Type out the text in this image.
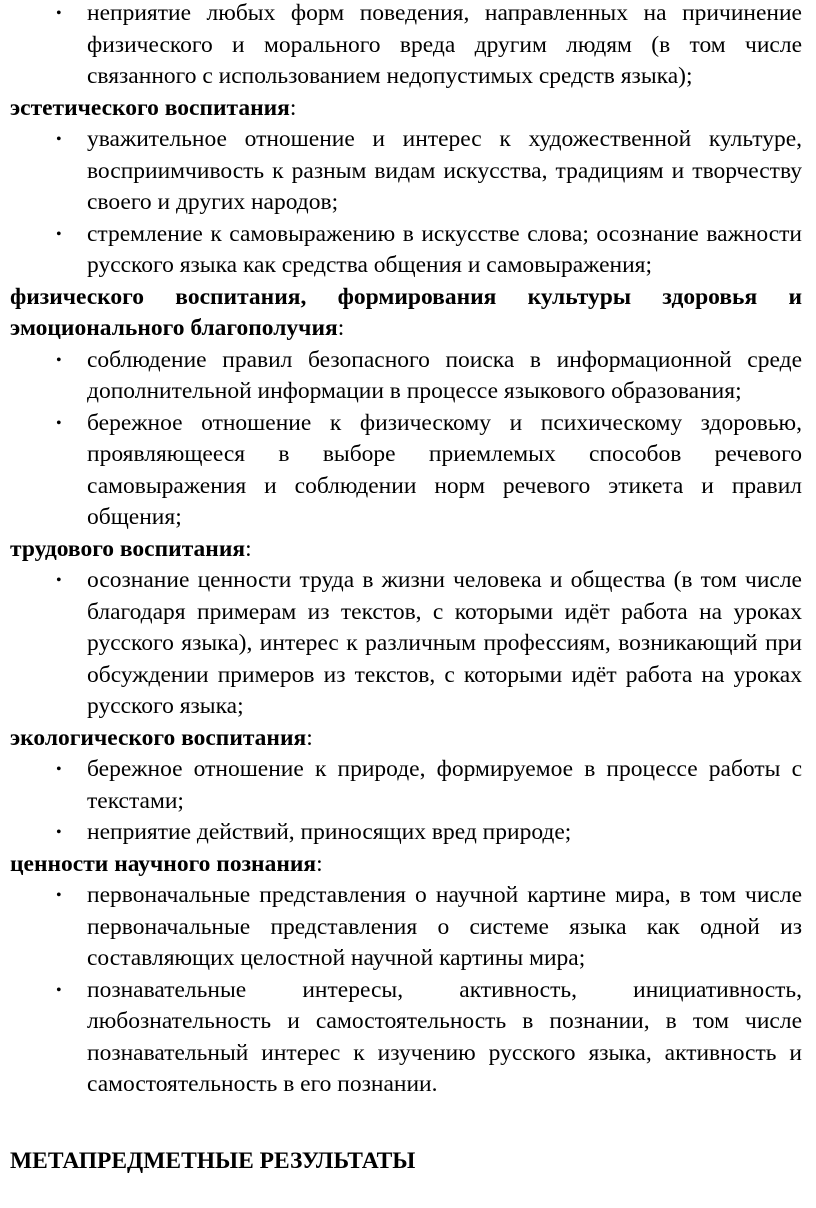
• неприятие любых форм поведения, направленных на причинение физического и морального вреда другим людям (в том числе связанного с использованием недопустимых средств языка);

эстетического воспитания:

• уважительное отношение и интерес к художественной культуре, восприимчивость к разным видам искусства, традициям и творчеству своего и других народов;
• стремление к самовыражению в искусстве слова; осознание важности русского языка как средства общения и самовыражения;

физического воспитания, формирования культуры здоровья и эмоционального благополучия:

• соблюдение правил безопасного поиска в информационной среде дополнительной информации в процессе языкового образования;
• бережное отношение к физическому и психическому здоровью, проявляющееся в выборе приемлемых способов речевого самовыражения и соблюдении норм речевого этикета и правил общения;

трудового воспитания:

• осознание ценности труда в жизни человека и общества (в том числе благодаря примерам из текстов, с которыми идёт работа на уроках русского языка), интерес к различным профессиям, возникающий при обсуждении примеров из текстов, с которыми идёт работа на уроках русского языка;

экологического воспитания:

• бережное отношение к природе, формируемое в процессе работы с текстами;
• неприятие действий, приносящих вред природе;

ценности научного познания:

• первоначальные представления о научной картине мира, в том числе первоначальные представления о системе языка как одной из составляющих целостной научной картины мира;
• познавательные интересы, активность, инициативность, любознательность и самостоятельность в познании, в том числе познавательный интерес к изучению русского языка, активность и самостоятельность в его познании.
МЕТАПРЕДМЕТНЫЕ РЕЗУЛЬТАТЫ
